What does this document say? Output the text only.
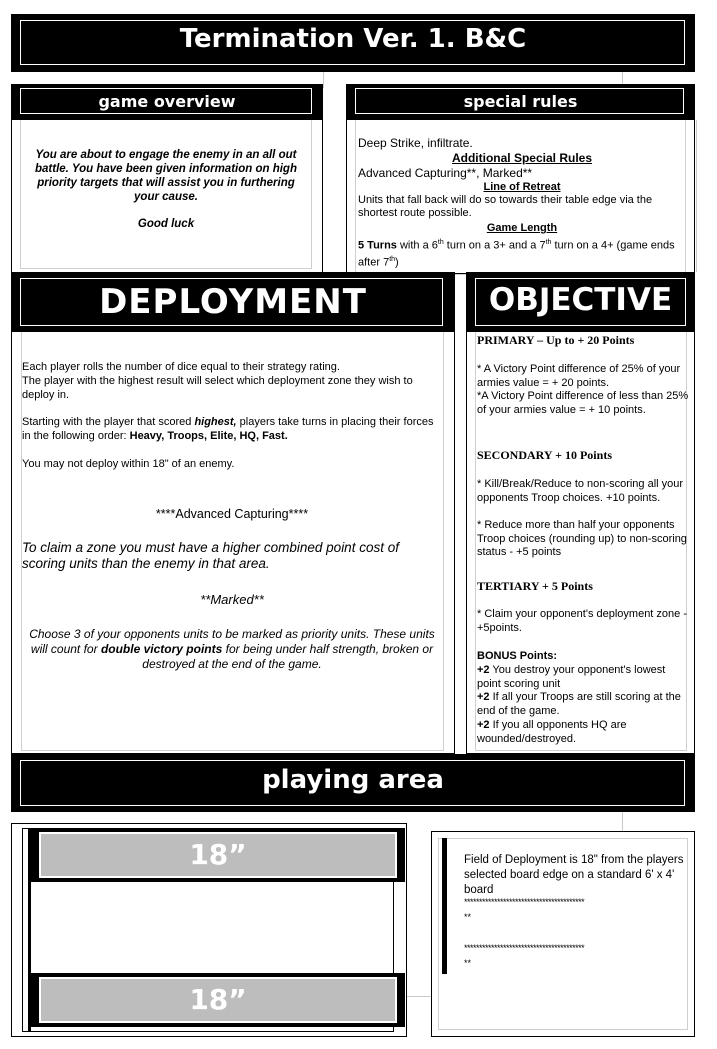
Termination Ver. 1. B&C
game overview
You are about to engage the enemy in an all out battle. You have been given information on high priority targets that will assist you in furthering your cause.
Good luck
special rules
Deep Strike, infiltrate.
Additional Special Rules
Advanced Capturing**, Marked**
Line of Retreat
Units that fall back will do so towards their table edge via the shortest route possible.
Game Length
5 Turns with a 6th turn on a 3+ and a 7th turn on a 4+ (game ends after 7th)
DEPLOYMENT
Each player rolls the number of dice equal to their strategy rating.
The player with the highest result will select which deployment zone they wish to deploy in.
Starting with the player that scored highest, players take turns in placing their forces in the following order: Heavy, Troops, Elite, HQ, Fast.
You may not deploy within 18" of an enemy.
****Advanced Capturing****
To claim a zone you must have a higher combined point cost of scoring units than the enemy in that area.
**Marked**
Choose 3 of your opponents units to be marked as priority units. These units will count for double victory points for being under half strength, broken or destroyed at the end of the game.
OBJECTIVE
PRIMARY – Up to + 20 Points
* A Victory Point difference of 25% of your armies value = + 20 points.
*A Victory Point difference of less than 25% of your armies value = + 10 points.
SECONDARY + 10 Points
* Kill/Break/Reduce to non-scoring all your opponents Troop choices. +10 points.
* Reduce more than half your opponents Troop choices (rounding up) to non-scoring status - +5 points
TERTIARY + 5 Points
* Claim your opponent's deployment zone - +5points.
BONUS Points:
+2 You destroy your opponent's lowest point scoring unit
+2 If all your Troops are still scoring at the end of the game.
+2 If you all opponents HQ are wounded/destroyed.
playing area
18”
18”
Field of Deployment is 18" from the players selected board edge on a standard 6' x 4' board
****************************************
**
****************************************
**
